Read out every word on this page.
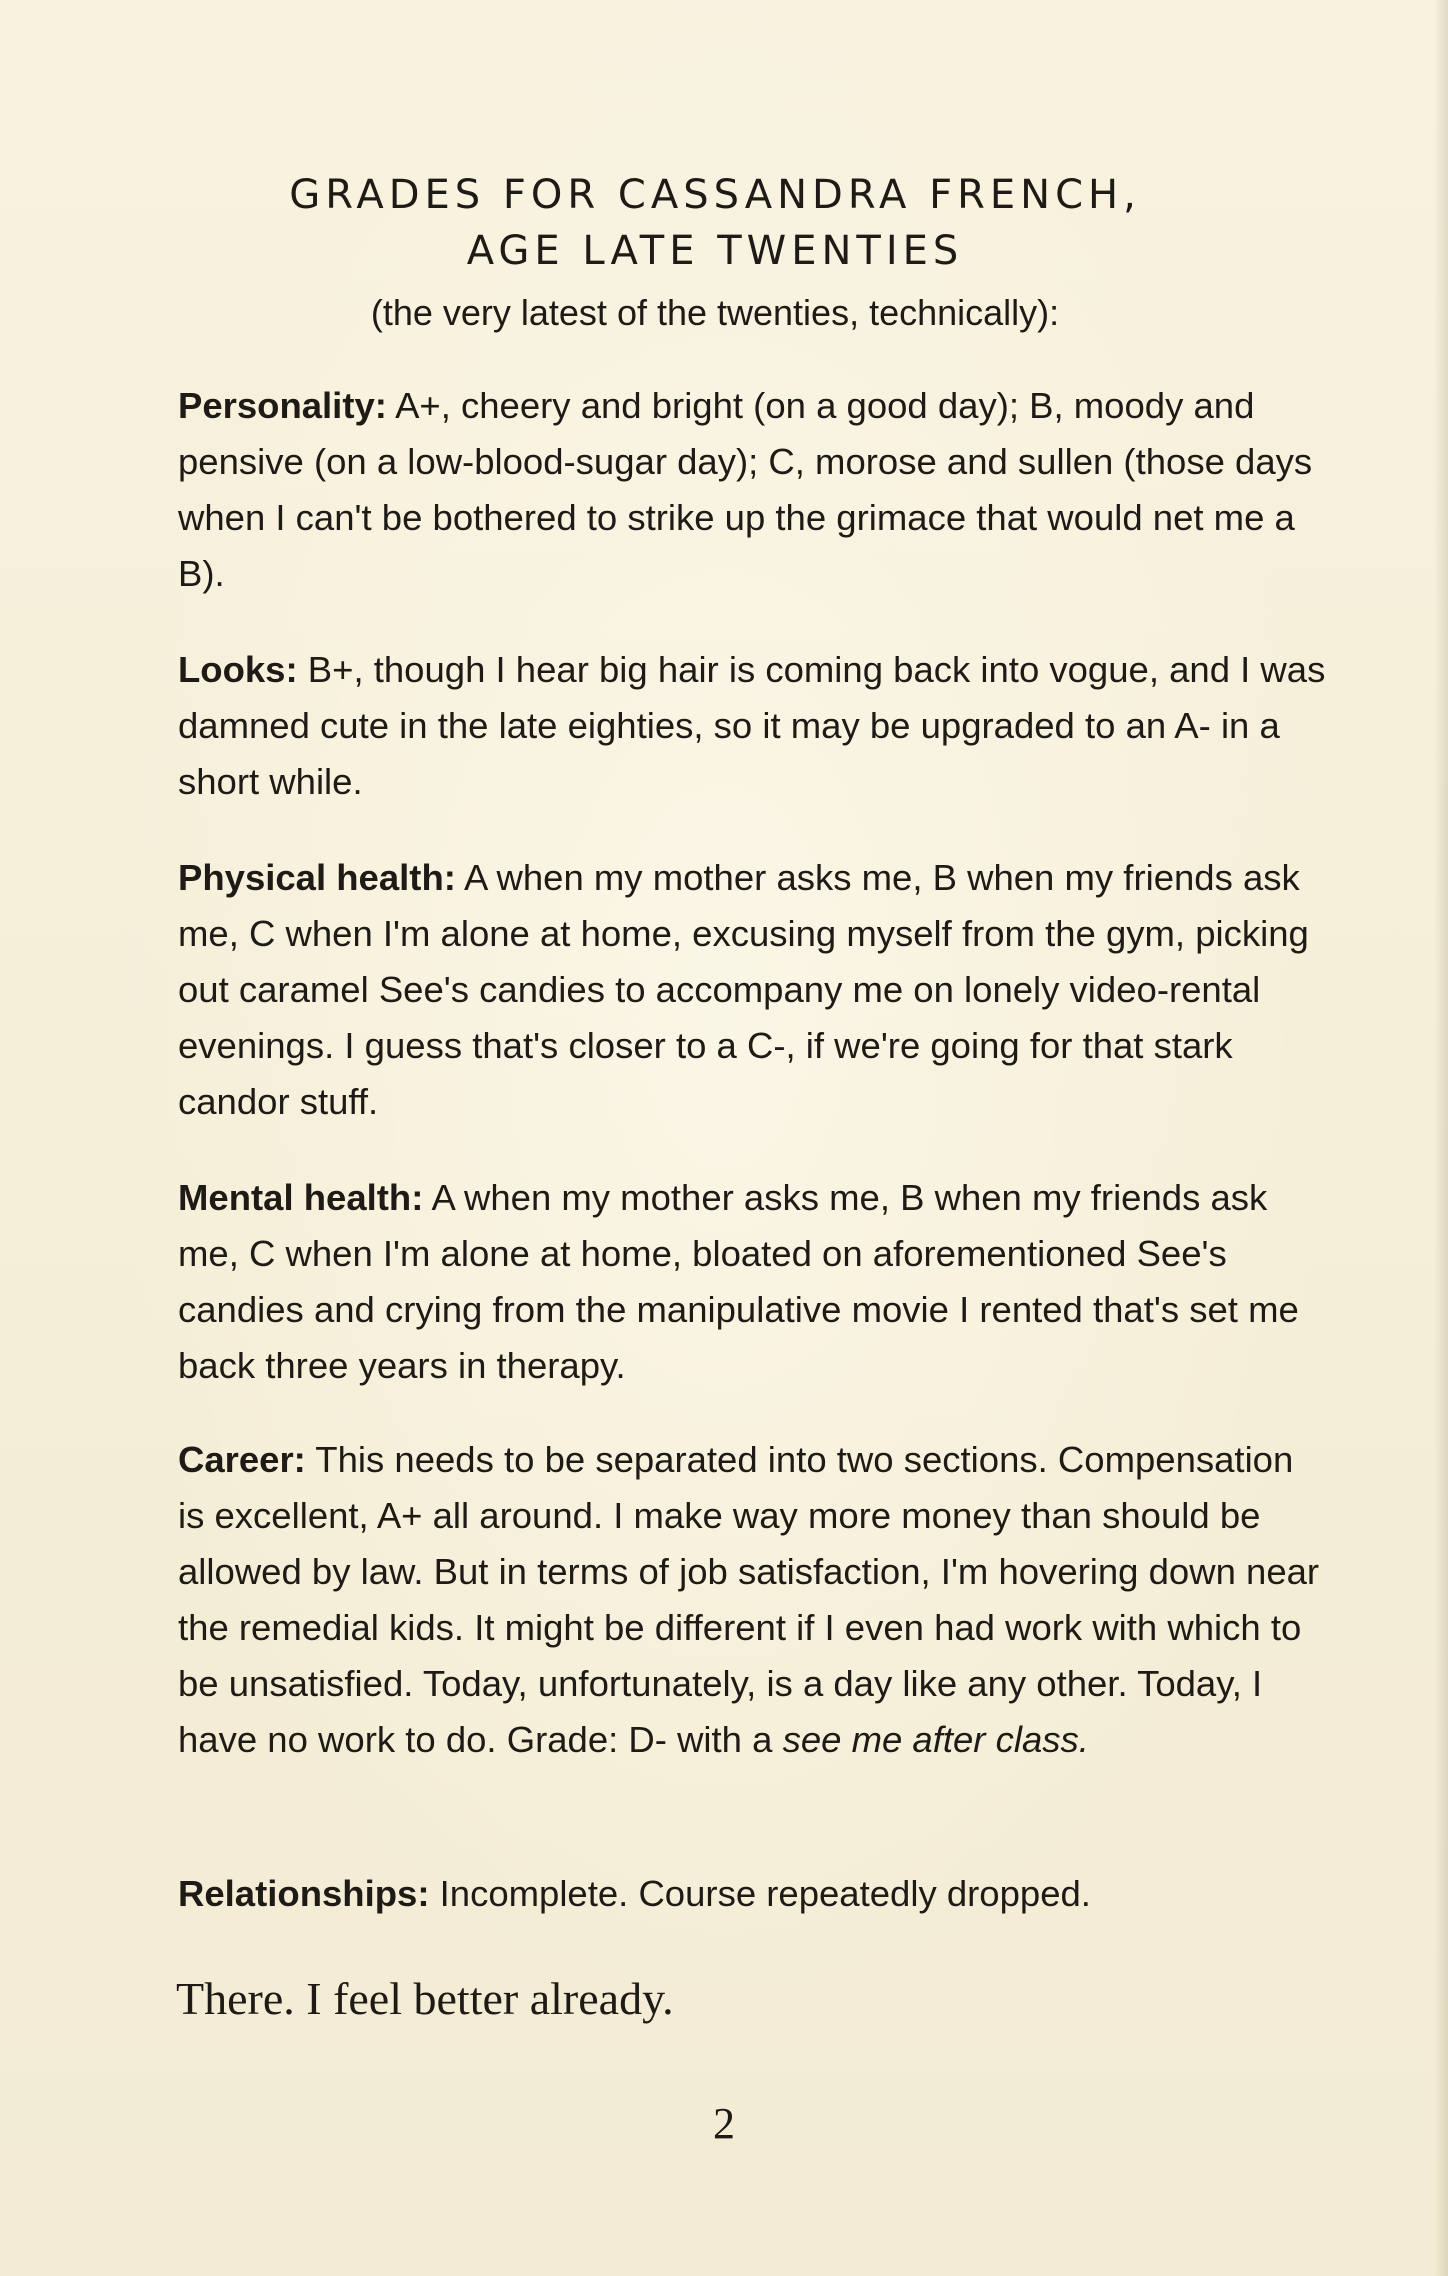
GRADES FOR CASSANDRA FRENCH,
AGE LATE TWENTIES

(the very latest of the twenties, technically):

Personality: A+, cheery and bright (on a good day); B, moody and pensive (on a low-blood-sugar day); C, morose and sullen (those days when I can't be bothered to strike up the grimace that would net me a B).

Looks: B+, though I hear big hair is coming back into vogue, and I was damned cute in the late eighties, so it may be upgraded to an A- in a short while.

Physical health: A when my mother asks me, B when my friends ask me, C when I'm alone at home, excusing myself from the gym, picking out caramel See's candies to accompany me on lonely video-rental evenings. I guess that's closer to a C-, if we're going for that stark candor stuff.

Mental health: A when my mother asks me, B when my friends ask me, C when I'm alone at home, bloated on aforementioned See's candies and crying from the manipulative movie I rented that's set me back three years in therapy.

Career: This needs to be separated into two sections. Compensation is excellent, A+ all around. I make way more money than should be allowed by law. But in terms of job satisfaction, I'm hovering down near the remedial kids. It might be different if I even had work with which to be unsatisfied. Today, unfortunately, is a day like any other. Today, I have no work to do. Grade: D- with a see me after class.

Relationships: Incomplete. Course repeatedly dropped.

There. I feel better already.

2
